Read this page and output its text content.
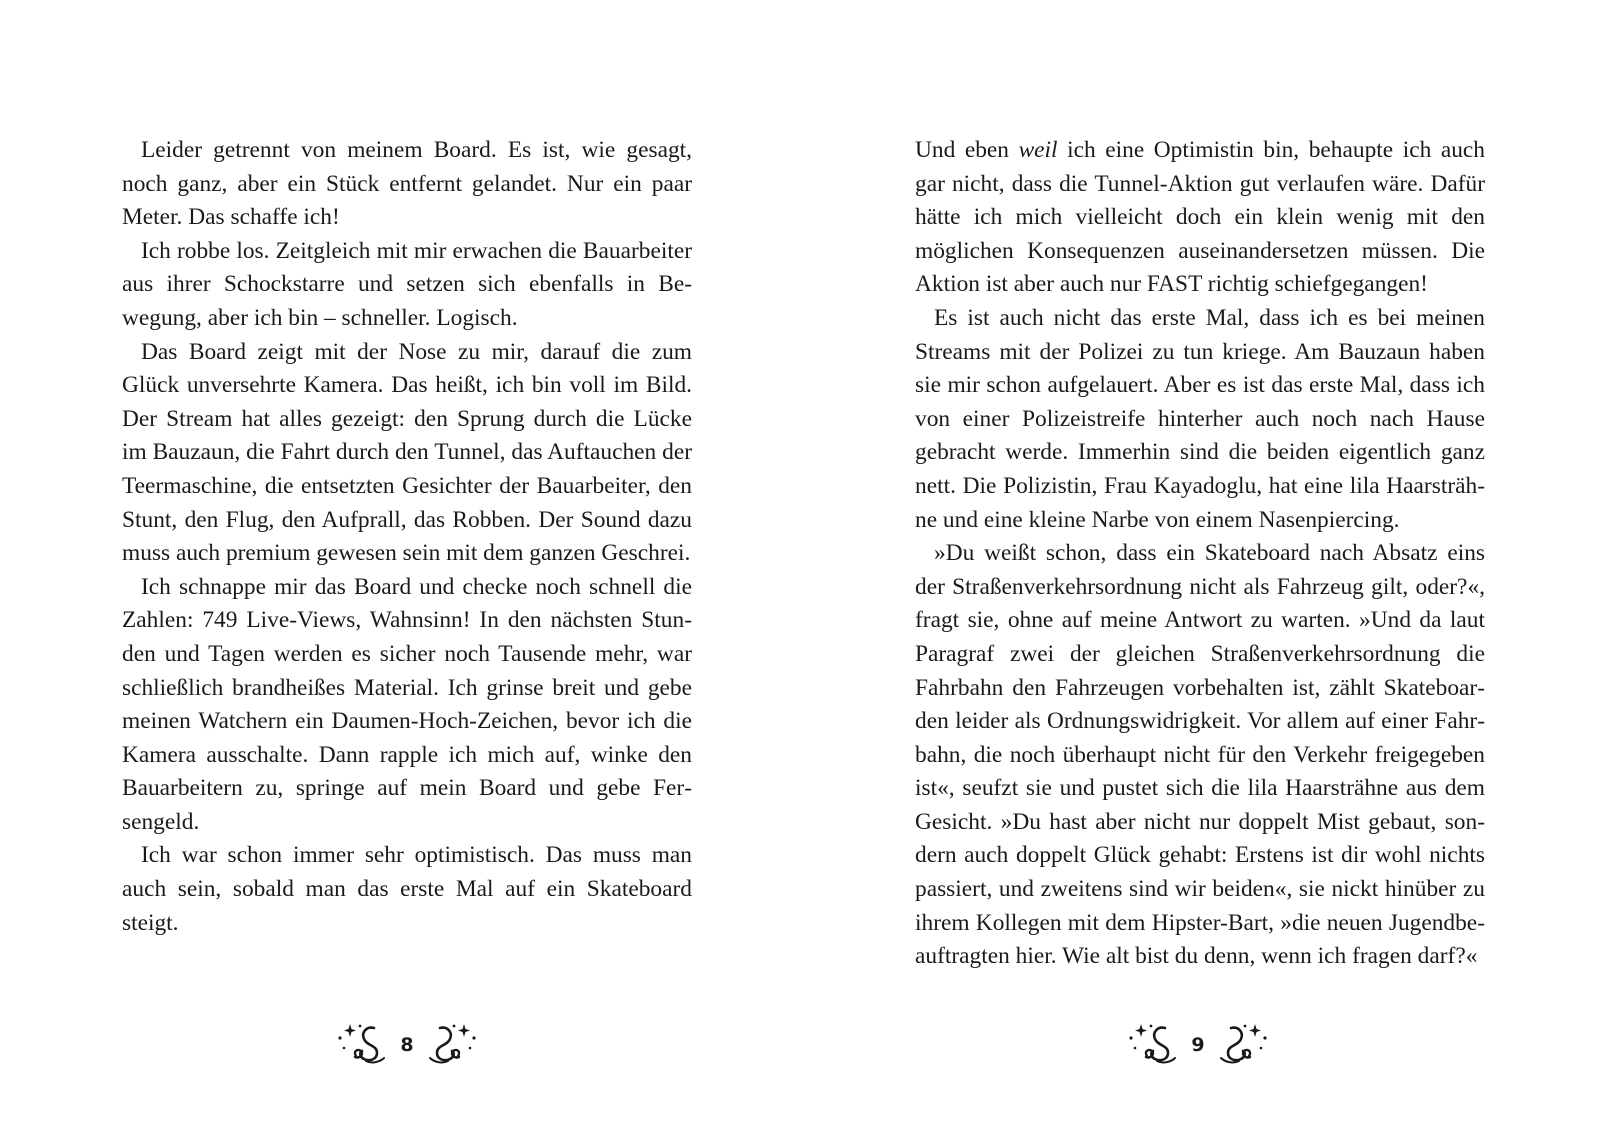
Leider getrennt von meinem Board. Es ist, wie gesagt, noch ganz, aber ein Stück entfernt gelandet. Nur ein paar Meter. Das schaffe ich!

Ich robbe los. Zeitgleich mit mir erwachen die Bauarbeiter aus ihrer Schockstarre und setzen sich ebenfalls in Bewegung, aber ich bin – schneller. Logisch.

Das Board zeigt mit der Nose zu mir, darauf die zum Glück unversehrte Kamera. Das heißt, ich bin voll im Bild. Der Stream hat alles gezeigt: den Sprung durch die Lücke im Bauzaun, die Fahrt durch den Tunnel, das Auftauchen der Teermaschine, die entsetzten Gesichter der Bauarbeiter, den Stunt, den Flug, den Aufprall, das Robben. Der Sound dazu muss auch premium gewesen sein mit dem ganzen Geschrei.

Ich schnappe mir das Board und checke noch schnell die Zahlen: 749 Live-Views, Wahnsinn! In den nächsten Stunden und Tagen werden es sicher noch Tausende mehr, war schließlich brandheißes Material. Ich grinse breit und gebe meinen Watchern ein Daumen-Hoch-Zeichen, bevor ich die Kamera ausschalte. Dann rapple ich mich auf, winke den Bauarbeitern zu, springe auf mein Board und gebe Fersengeld.

Ich war schon immer sehr optimistisch. Das muss man auch sein, sobald man das erste Mal auf ein Skateboard steigt.

Und eben weil ich eine Optimistin bin, behaupte ich auch gar nicht, dass die Tunnel-Aktion gut verlaufen wäre. Dafür hätte ich mich vielleicht doch ein klein wenig mit den möglichen Konsequenzen auseinandersetzen müssen. Die Aktion ist aber auch nur FAST richtig schiefgegangen!

Es ist auch nicht das erste Mal, dass ich es bei meinen Streams mit der Polizei zu tun kriege. Am Bauzaun haben sie mir schon aufgelauert. Aber es ist das erste Mal, dass ich von einer Polizeistreife hinterher auch noch nach Hause gebracht werde. Immerhin sind die beiden eigentlich ganz nett. Die Polizistin, Frau Kayadoglu, hat eine lila Haarsträhne und eine kleine Narbe von einem Nasenpiercing.

»Du weißt schon, dass ein Skateboard nach Absatz eins der Straßenverkehrsordnung nicht als Fahrzeug gilt, oder?«, fragt sie, ohne auf meine Antwort zu warten. »Und da laut Paragraf zwei der gleichen Straßenverkehrsordnung die Fahrbahn den Fahrzeugen vorbehalten ist, zählt Skateboarden leider als Ordnungswidrigkeit. Vor allem auf einer Fahrbahn, die noch überhaupt nicht für den Verkehr freigegeben ist«, seufzt sie und pustet sich die lila Haarsträhne aus dem Gesicht. »Du hast aber nicht nur doppelt Mist gebaut, sondern auch doppelt Glück gehabt: Erstens ist dir wohl nichts passiert, und zweitens sind wir beiden«, sie nickt hinüber zu ihrem Kollegen mit dem Hipster-Bart, »die neuen Jugendbeauftragten hier. Wie alt bist du denn, wenn ich fragen darf?«

8	9
